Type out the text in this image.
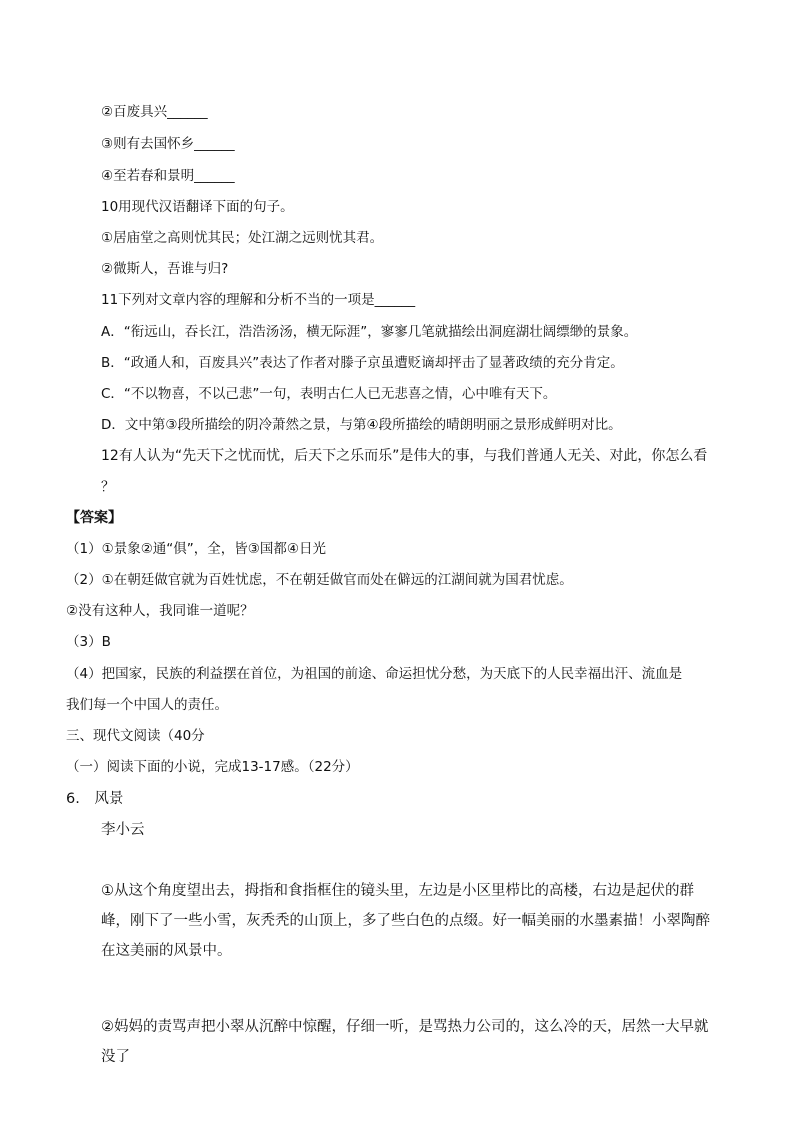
②百废具兴______
③则有去国怀乡______
④至若春和景明______
10用现代汉语翻译下面的句子。
①居庙堂之高则忧其民；处江湖之远则忧其君。
②微斯人，吾谁与归?
11下列对文章内容的理解和分析不当的一项是______
A．“衔远山，吞长江，浩浩汤汤，横无际涯”，寥寥几笔就描绘出洞庭湖壮阔缥缈的景象。
B．“政通人和，百废具兴”表达了作者对滕子京虽遭贬谪却抨击了显著政绩的充分肯定。
C．“不以物喜，不以己悲”一句，表明古仁人已无悲喜之情，心中唯有天下。
D．文中第③段所描绘的阴冷萧然之景，与第④段所描绘的晴朗明丽之景形成鲜明对比。
12有人认为“先天下之忧而忧，后天下之乐而乐”是伟大的事，与我们普通人无关、对此，你怎么看
？
【答案】
（1）①景象②通“俱”，全，皆③国都④日光
（2）①在朝廷做官就为百姓忧虑，不在朝廷做官而处在僻远的江湖间就为国君忧虑。
②没有这种人，我同谁一道呢？
（3）B
（4）把国家，民族的利益摆在首位，为祖国的前途、命运担忧分愁，为天底下的人民幸福出汗、流血是
我们每一个中国人的责任。
三、现代文阅读（40分
（一）阅读下面的小说，完成13-17感。（22分）
6.　风景
李小云
①从这个角度望出去，拇指和食指框住的镜头里，左边是小区里栉比的高楼，右边是起伏的群峰，刚下了一些小雪，灰秃秃的山顶上，多了些白色的点缀。好一幅美丽的水墨素描！小翠陶醉在这美丽的风景中。
②妈妈的责骂声把小翠从沉醉中惊醒，仔细一听，是骂热力公司的，这么冷的天，居然一大早就没了
